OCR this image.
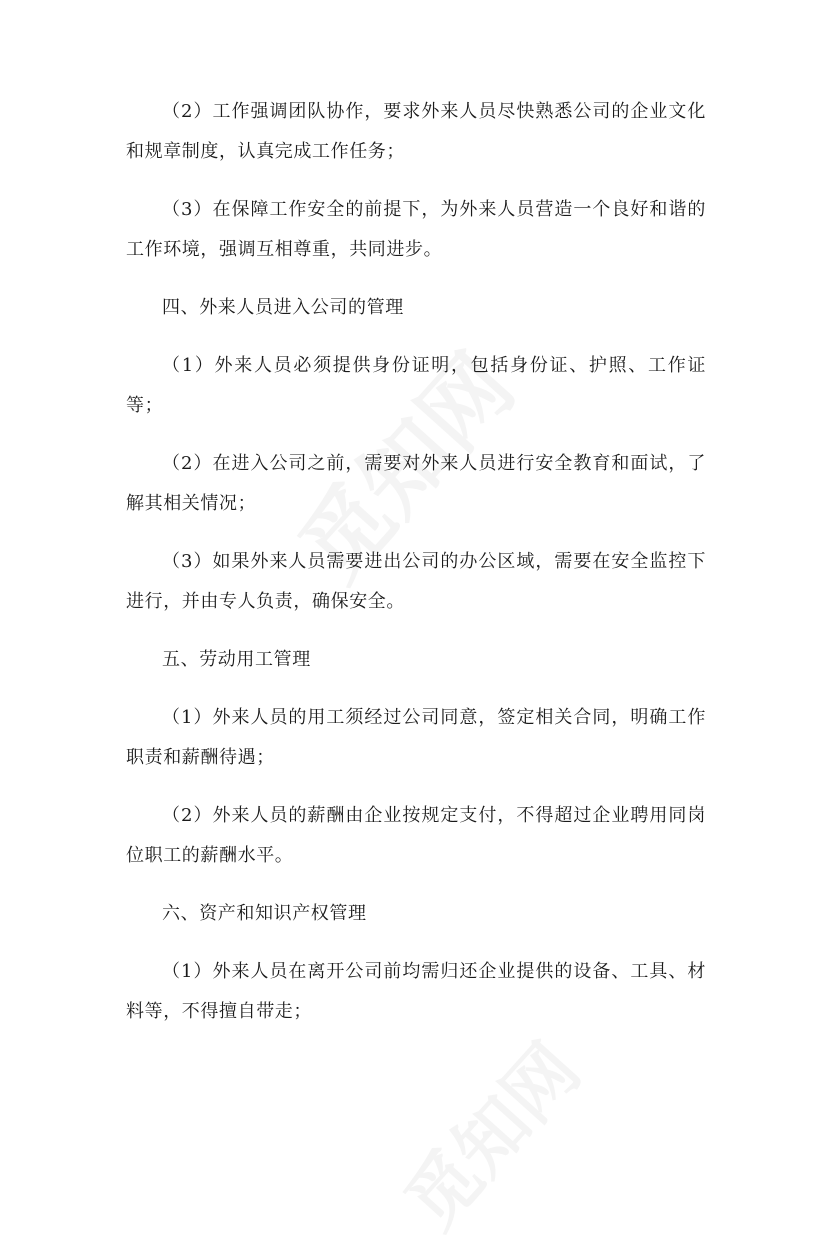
（2）工作强调团队协作，要求外来人员尽快熟悉公司的企业文化和规章制度，认真完成工作任务；

（3）在保障工作安全的前提下，为外来人员营造一个良好和谐的工作环境，强调互相尊重，共同进步。

四、外来人员进入公司的管理

（1）外来人员必须提供身份证明，包括身份证、护照、工作证等；

（2）在进入公司之前，需要对外来人员进行安全教育和面试，了解其相关情况；

（3）如果外来人员需要进出公司的办公区域，需要在安全监控下进行，并由专人负责，确保安全。

五、劳动用工管理

（1）外来人员的用工须经过公司同意，签定相关合同，明确工作职责和薪酬待遇；

（2）外来人员的薪酬由企业按规定支付，不得超过企业聘用同岗位职工的薪酬水平。

六、资产和知识产权管理

（1）外来人员在离开公司前均需归还企业提供的设备、工具、材料等，不得擅自带走；
